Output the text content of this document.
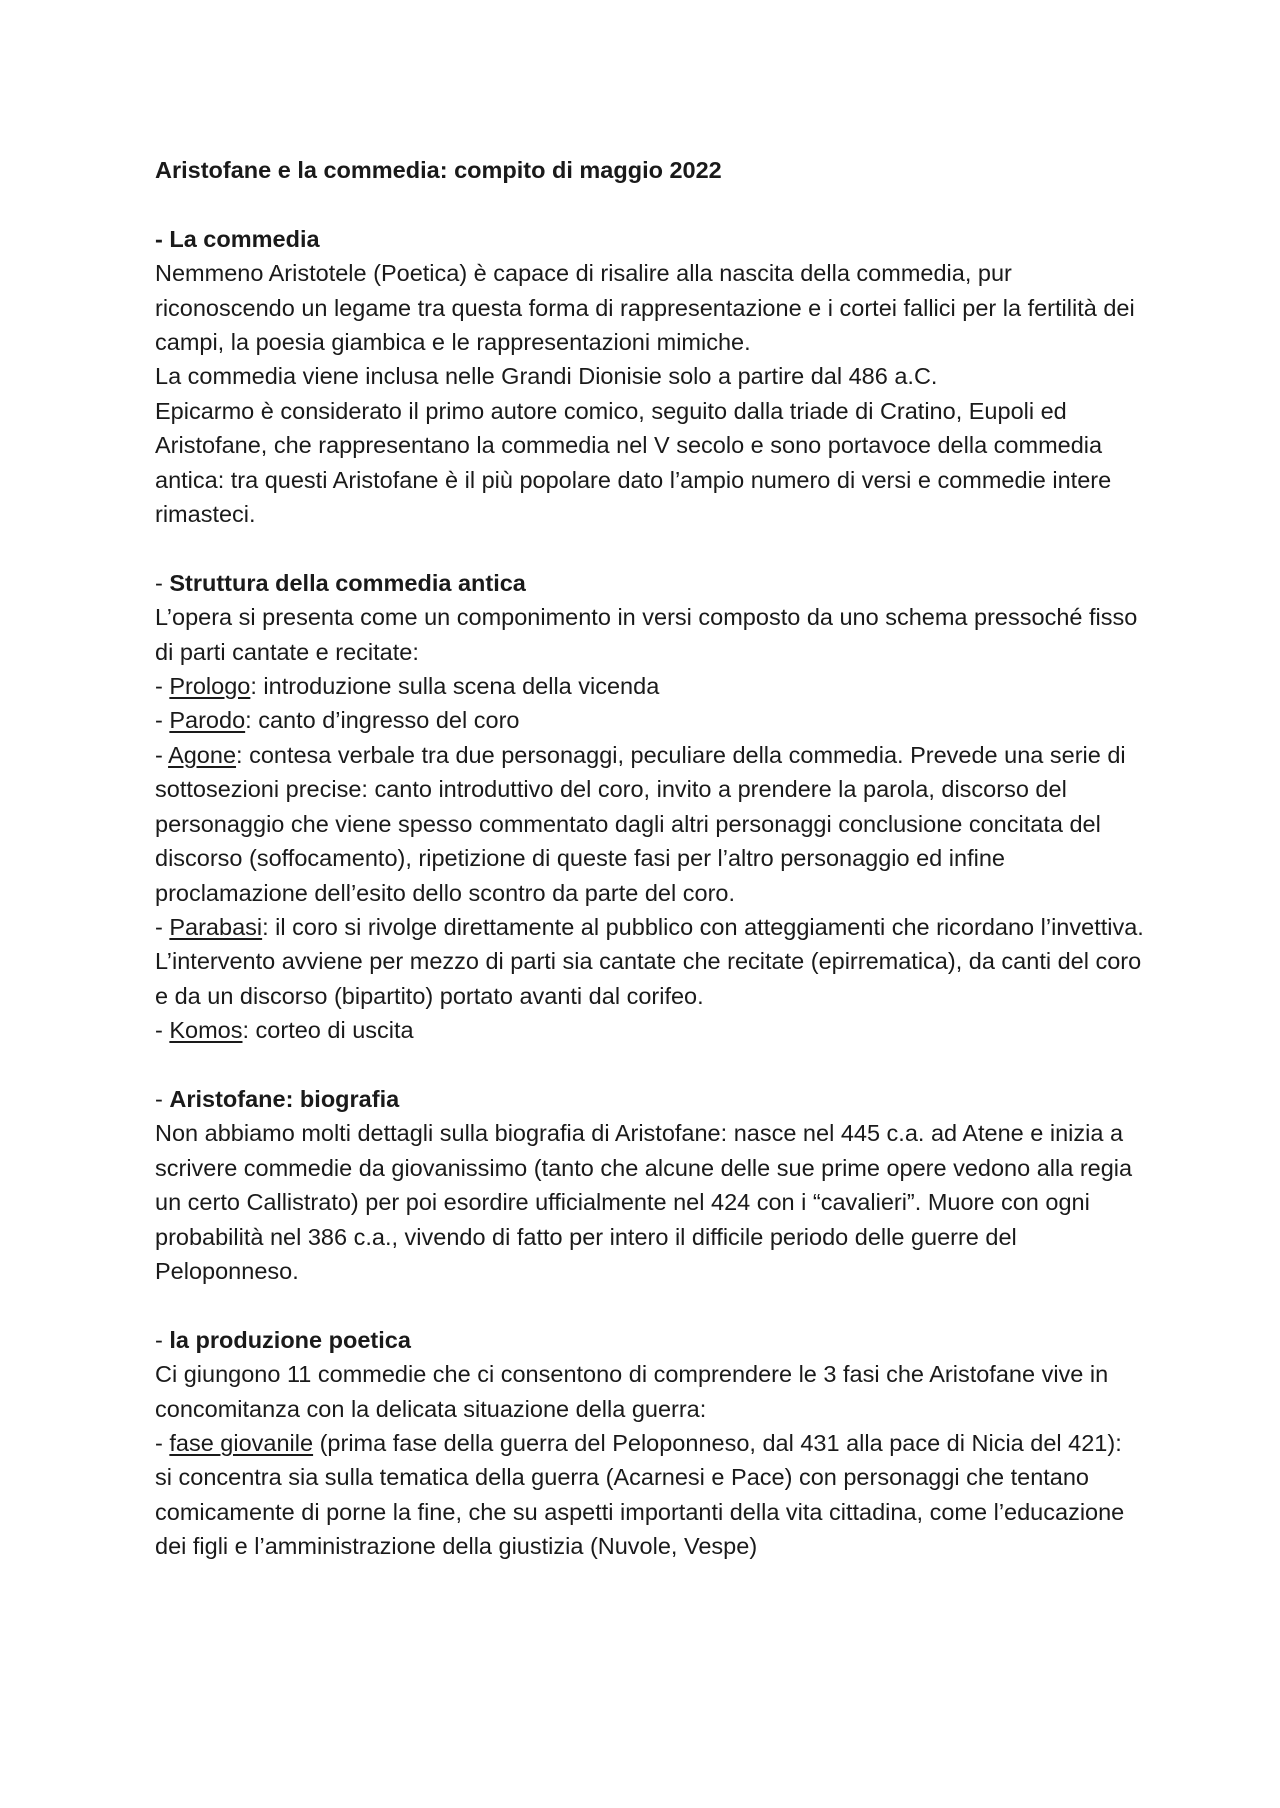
Aristofane e la commedia: compito di maggio 2022

- La commedia

Nemmeno Aristotele (Poetica) è capace di risalire alla nascita della commedia, pur riconoscendo un legame tra questa forma di rappresentazione e i cortei fallici per la fertilità dei campi, la poesia giambica e le rappresentazioni mimiche.

La commedia viene inclusa nelle Grandi Dionisie solo a partire dal 486 a.C.

Epicarmo è considerato il primo autore comico, seguito dalla triade di Cratino, Eupoli ed Aristofane, che rappresentano la commedia nel V secolo e sono portavoce della commedia antica: tra questi Aristofane è il più popolare dato l’ampio numero di versi e commedie intere rimasteci.

- Struttura della commedia antica

L’opera si presenta come un componimento in versi composto da uno schema pressoché fisso di parti cantate e recitate:

- Prologo: introduzione sulla scena della vicenda

- Parodo: canto d’ingresso del coro

- Agone: contesa verbale tra due personaggi, peculiare della commedia. Prevede una serie di sottosezioni precise: canto introduttivo del coro, invito a prendere la parola, discorso del personaggio che viene spesso commentato dagli altri personaggi conclusione concitata del discorso (soffocamento), ripetizione di queste fasi per l’altro personaggio ed infine proclamazione dell’esito dello scontro da parte del coro.

- Parabasi: il coro si rivolge direttamente al pubblico con atteggiamenti che ricordano l’invettiva. L’intervento avviene per mezzo di parti sia cantate che recitate (epirrematica), da canti del coro e da un discorso (bipartito) portato avanti dal corifeo.

- Komos: corteo di uscita

- Aristofane: biografia

Non abbiamo molti dettagli sulla biografia di Aristofane: nasce nel 445 c.a. ad Atene e inizia a scrivere commedie da giovanissimo (tanto che alcune delle sue prime opere vedono alla regia un certo Callistrato) per poi esordire ufficialmente nel 424 con i “cavalieri”. Muore con ogni probabilità nel 386 c.a., vivendo di fatto per intero il difficile periodo delle guerre del Peloponneso.

- la produzione poetica

Ci giungono 11 commedie che ci consentono di comprendere le 3 fasi che Aristofane vive in concomitanza con la delicata situazione della guerra:

- fase giovanile (prima fase della guerra del Peloponneso, dal 431 alla pace di Nicia del 421): si concentra sia sulla tematica della guerra (Acarnesi e Pace) con personaggi che tentano comicamente di porne la fine, che su aspetti importanti della vita cittadina, come l’educazione dei figli e l’amministrazione della giustizia (Nuvole, Vespe)
